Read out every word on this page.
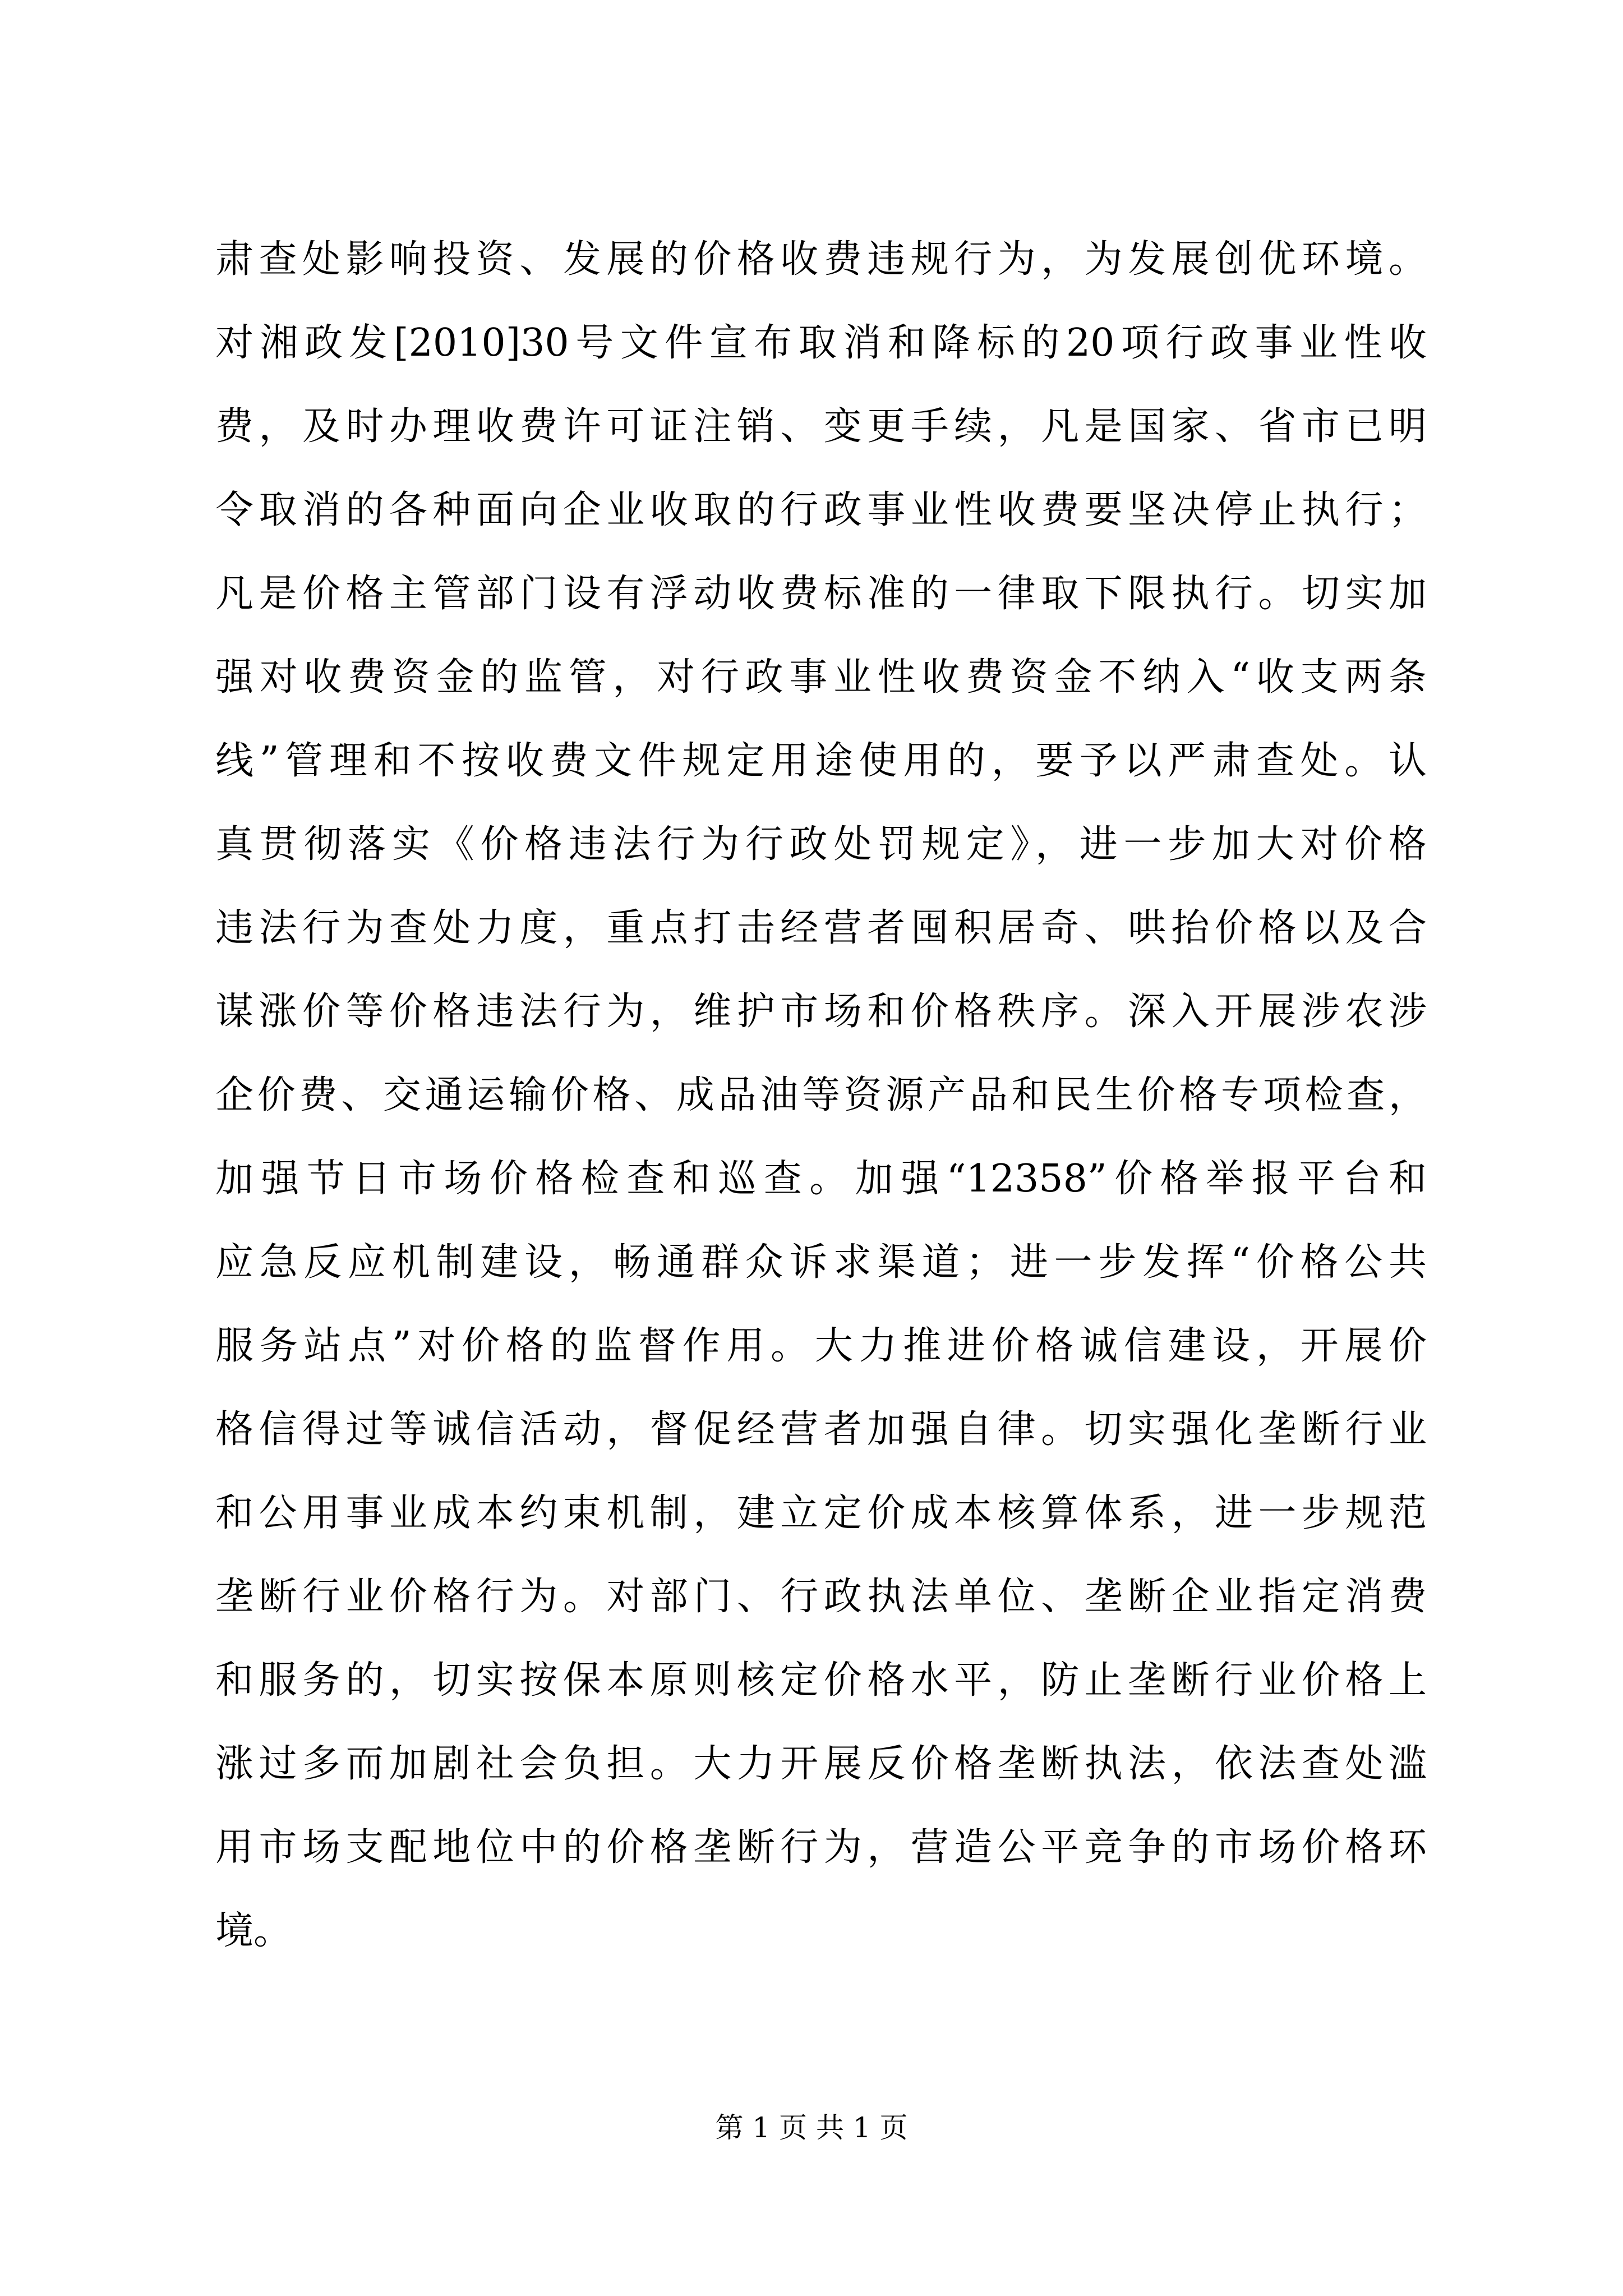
肃查处影响投资、发展的价格收费违规行为，为发展创优环境。
对湘政发[2010]30号文件宣布取消和降标的20项行政事业性收
费，及时办理收费许可证注销、变更手续，凡是国家、省市已明
令取消的各种面向企业收取的行政事业性收费要坚决停止执行；
凡是价格主管部门设有浮动收费标准的一律取下限执行。切实加
强对收费资金的监管，对行政事业性收费资金不纳入“收支两条
线”管理和不按收费文件规定用途使用的，要予以严肃查处。认
真贯彻落实《价格违法行为行政处罚规定》，进一步加大对价格
违法行为查处力度，重点打击经营者囤积居奇、哄抬价格以及合
谋涨价等价格违法行为，维护市场和价格秩序。深入开展涉农涉
企价费、交通运输价格、成品油等资源产品和民生价格专项检查，
加强节日市场价格检查和巡查。加强“12358”价格举报平台和
应急反应机制建设，畅通群众诉求渠道；进一步发挥“价格公共
服务站点”对价格的监督作用。大力推进价格诚信建设，开展价
格信得过等诚信活动，督促经营者加强自律。切实强化垄断行业
和公用事业成本约束机制，建立定价成本核算体系，进一步规范
垄断行业价格行为。对部门、行政执法单位、垄断企业指定消费
和服务的，切实按保本原则核定价格水平，防止垄断行业价格上
涨过多而加剧社会负担。大力开展反价格垄断执法，依法查处滥
用市场支配地位中的价格垄断行为，营造公平竞争的市场价格环
境。
第 1 页 共 1 页
